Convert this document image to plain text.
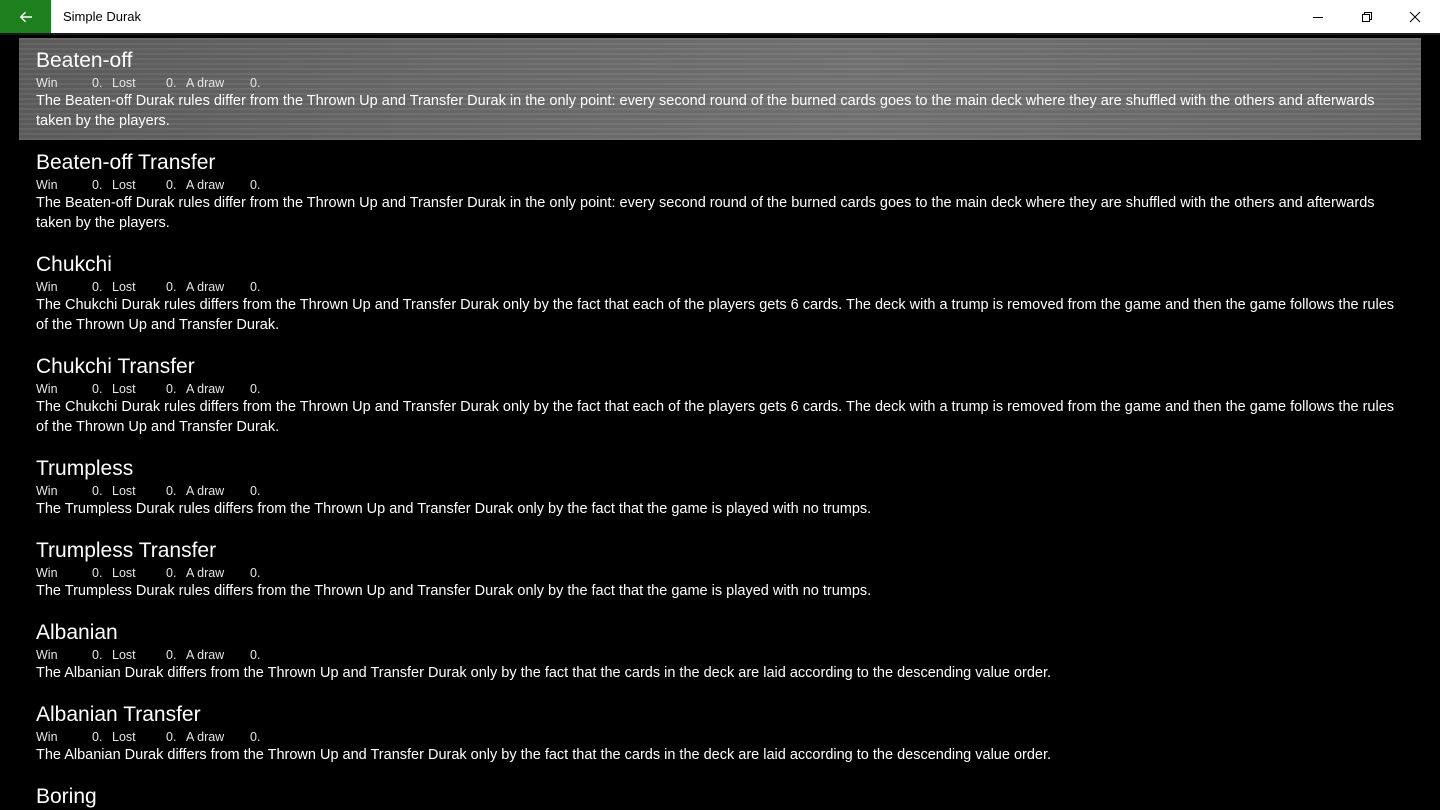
Simple Durak
Beaten-off
Win	0. Lost 0. A draw 0.
The Beaten-off Durak rules differ from the Thrown Up and Transfer Durak in the only point: every second round of the burned cards goes to the main deck where they are shuffled with the others and afterwards taken by the players.
Beaten-off Transfer
Win	0. Lost 0. A draw 0.
The Beaten-off Durak rules differ from the Thrown Up and Transfer Durak in the only point: every second round of the burned cards goes to the main deck where they are shuffled with the others and afterwards taken by the players.
Chukchi
Win	0. Lost 0. A draw 0.
The Chukchi Durak rules differs from the Thrown Up and Transfer Durak only by the fact that each of the players gets 6 cards. The deck with a trump is removed from the game and then the game follows the rules of the Thrown Up and Transfer Durak.
Chukchi Transfer
Win	0. Lost 0. A draw 0.
The Chukchi Durak rules differs from the Thrown Up and Transfer Durak only by the fact that each of the players gets 6 cards. The deck with a trump is removed from the game and then the game follows the rules of the Thrown Up and Transfer Durak.
Trumpless
Win	0. Lost 0. A draw 0.
The Trumpless Durak rules differs from the Thrown Up and Transfer Durak only by the fact that the game is played with no trumps.
Trumpless Transfer
Win	0. Lost 0. A draw 0.
The Trumpless Durak rules differs from the Thrown Up and Transfer Durak only by the fact that the game is played with no trumps.
Albanian
Win	0. Lost 0. A draw 0.
The Albanian Durak differs from the Thrown Up and Transfer Durak only by the fact that the cards in the deck are laid according to the descending value order.
Albanian Transfer
Win	0. Lost 0. A draw 0.
The Albanian Durak differs from the Thrown Up and Transfer Durak only by the fact that the cards in the deck are laid according to the descending value order.
Boring
